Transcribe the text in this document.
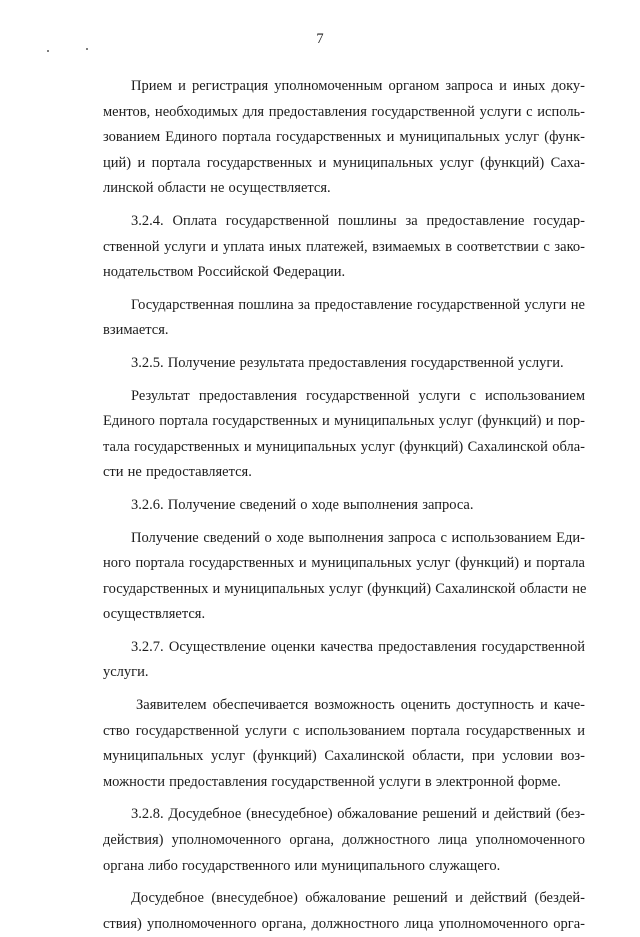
7
Прием и регистрация уполномоченным органом запроса и иных доку-
ментов, необходимых для предоставления государственной услуги с исполь-
зованием Единого портала государственных и муниципальных услуг (функ-
ций) и портала государственных и муниципальных услуг (функций) Саха-
линской области не осуществляется.
3.2.4. Оплата государственной пошлины за предоставление государ-
ственной услуги и уплата иных платежей, взимаемых в соответствии с зако-
нодательством Российской Федерации.
Государственная пошлина за предоставление государственной услуги не
взимается.
3.2.5. Получение результата предоставления государственной услуги.
Результат предоставления государственной услуги с использованием
Единого портала государственных и муниципальных услуг (функций) и пор-
тала государственных и муниципальных услуг (функций) Сахалинской обла-
сти не предоставляется.
3.2.6. Получение сведений о ходе выполнения запроса.
Получение сведений о ходе выполнения запроса с использованием Еди-
ного портала государственных и муниципальных услуг (функций) и портала
государственных и муниципальных услуг (функций) Сахалинской области не
осуществляется.
3.2.7. Осуществление оценки качества предоставления государственной
услуги.
Заявителем обеспечивается возможность оценить доступность и каче-
ство государственной услуги с использованием портала государственных и
муниципальных услуг (функций) Сахалинской области, при условии воз-
можности предоставления государственной услуги в электронной форме.
3.2.8. Досудебное (внесудебное) обжалование решений и действий (без-
действия) уполномоченного органа, должностного лица уполномоченного
органа либо государственного или муниципального служащего.
Досудебное (внесудебное) обжалование решений и действий (бездей-
ствия) уполномоченного органа, должностного лица уполномоченного орга-
